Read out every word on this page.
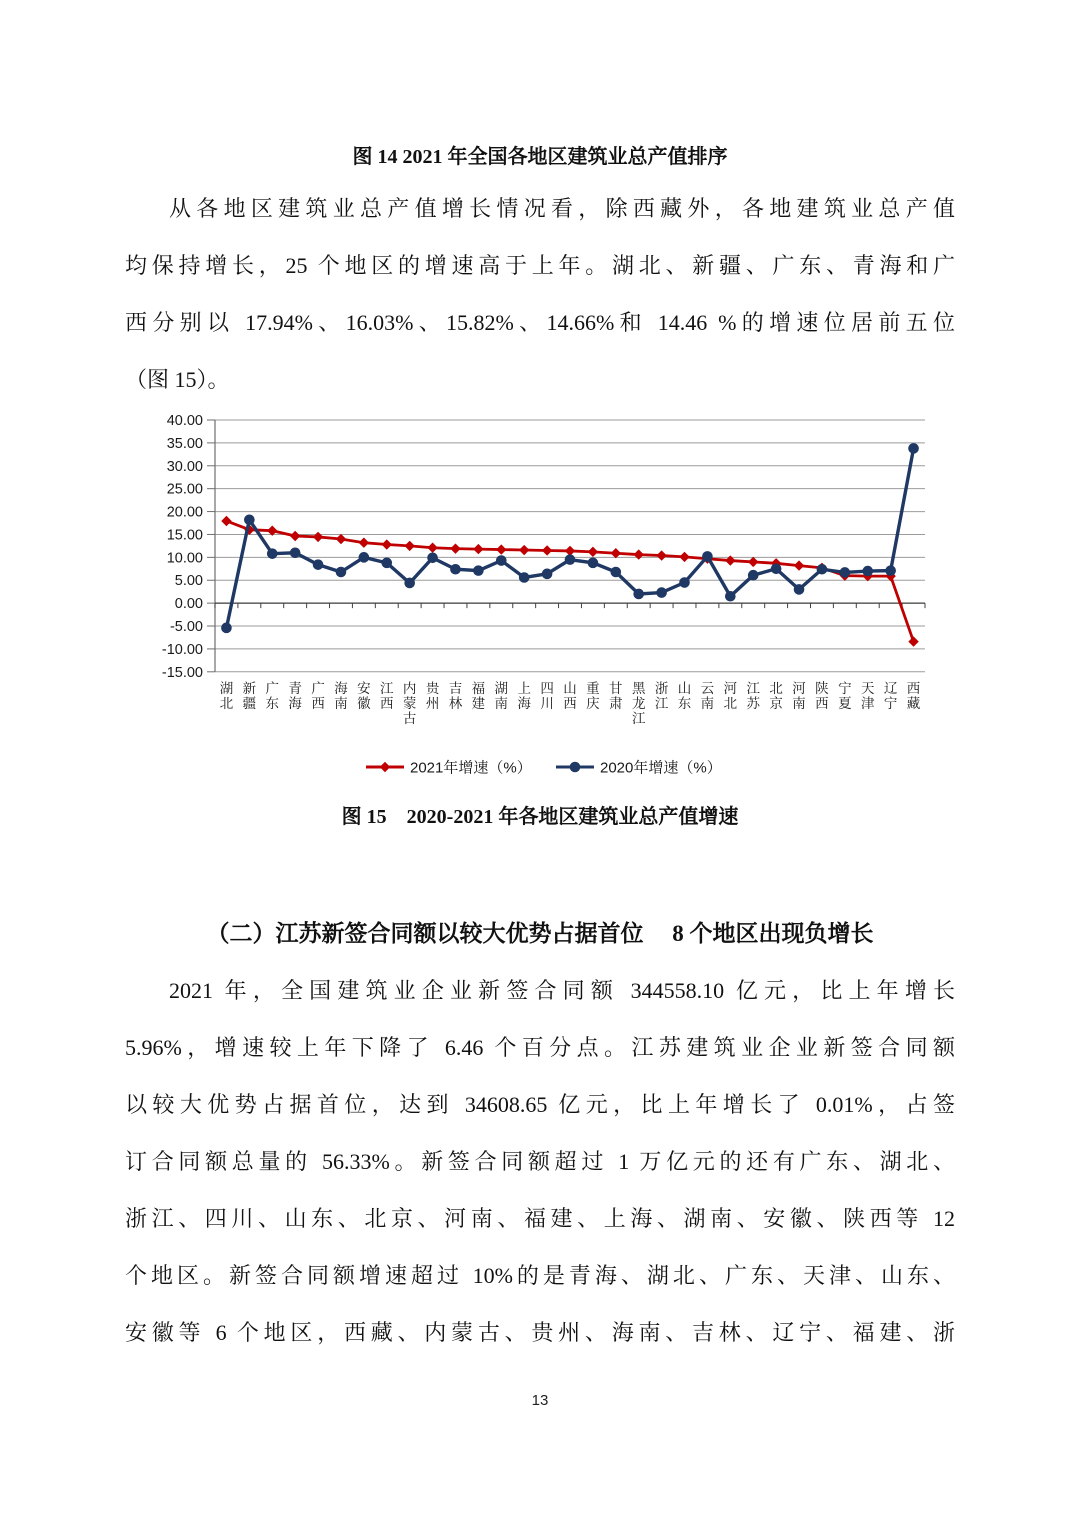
图 14 2021 年全国各地区建筑业总产值排序
从各地区建筑业总产值增长情况看，除西藏外，各地建筑业总产值
均保持增长，25 个地区的增速高于上年。湖北、新疆、广东、青海和广
西分别以 17.94%、16.03%、15.82%、14.66%和 14.46 %的增速位居前五位
（图 15）。
40.00
35.00
30.00
25.00
20.00
15.00
10.00
5.00
0.00
-5.00
-10.00
-15.00
湖北
新疆
广东
青海
广西
海南
安徽
江西
内蒙古
贵州
吉林
福建
湖南
上海
四川
山西
重庆
甘肃
黑龙江
浙江
山东
云南
河北
江苏
北京
河南
陕西
宁夏
天津
辽宁
西藏
2021年增速（%）	2020年增速（%）
图 15　2020-2021 年各地区建筑业总产值增速
（二）江苏新签合同额以较大优势占据首位　 8 个地区出现负增长
2021 年，全国建筑业企业新签合同额 344558.10 亿元，比上年增长
5.96%，增速较上年下降了 6.46 个百分点。江苏建筑业企业新签合同额
以较大优势占据首位，达到 34608.65 亿元，比上年增长了 0.01%，占签
订合同额总量的 56.33%。新签合同额超过 1 万亿元的还有广东、湖北、
浙江、四川、山东、北京、河南、福建、上海、湖南、安徽、陕西等 12
个地区。新签合同额增速超过 10%的是青海、湖北、广东、天津、山东、
安徽等 6 个地区，西藏、内蒙古、贵州、海南、吉林、辽宁、福建、浙
13
